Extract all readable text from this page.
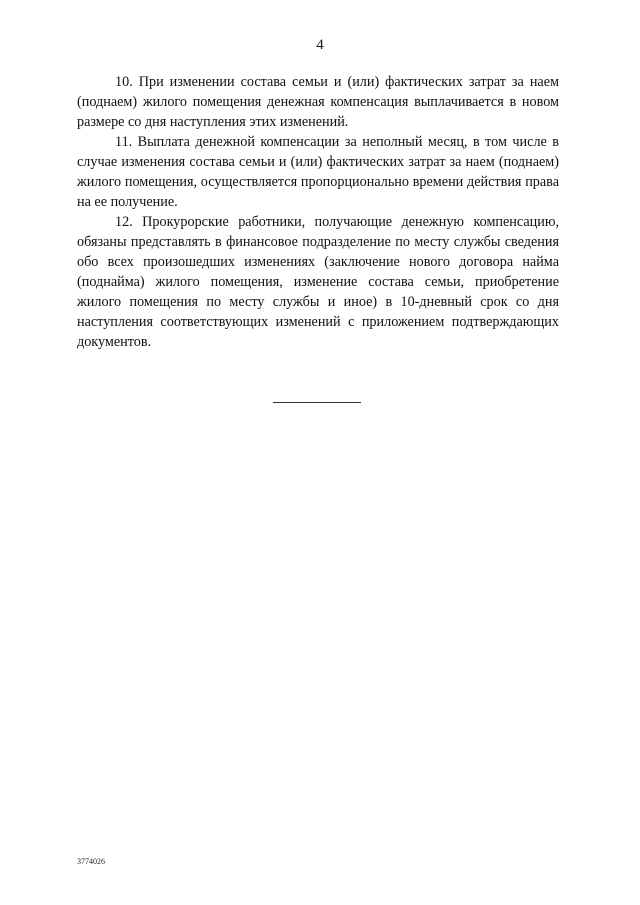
4

10. При изменении состава семьи и (или) фактических затрат за наем (поднаем) жилого помещения денежная компенсация выплачивается в новом размере со дня наступления этих изменений.

11. Выплата денежной компенсации за неполный месяц, в том числе в случае изменения состава семьи и (или) фактических затрат за наем (поднаем) жилого помещения, осуществляется пропорционально времени действия права на ее получение.

12. Прокурорские работники, получающие денежную компенсацию, обязаны представлять в финансовое подразделение по месту службы сведения обо всех произошедших изменениях (заключение нового договора найма (поднайма) жилого помещения, изменение состава семьи, приобретение жилого помещения по месту службы и иное) в 10-дневный срок со дня наступления соответствующих изменений с приложением подтверждающих документов.

3774026
